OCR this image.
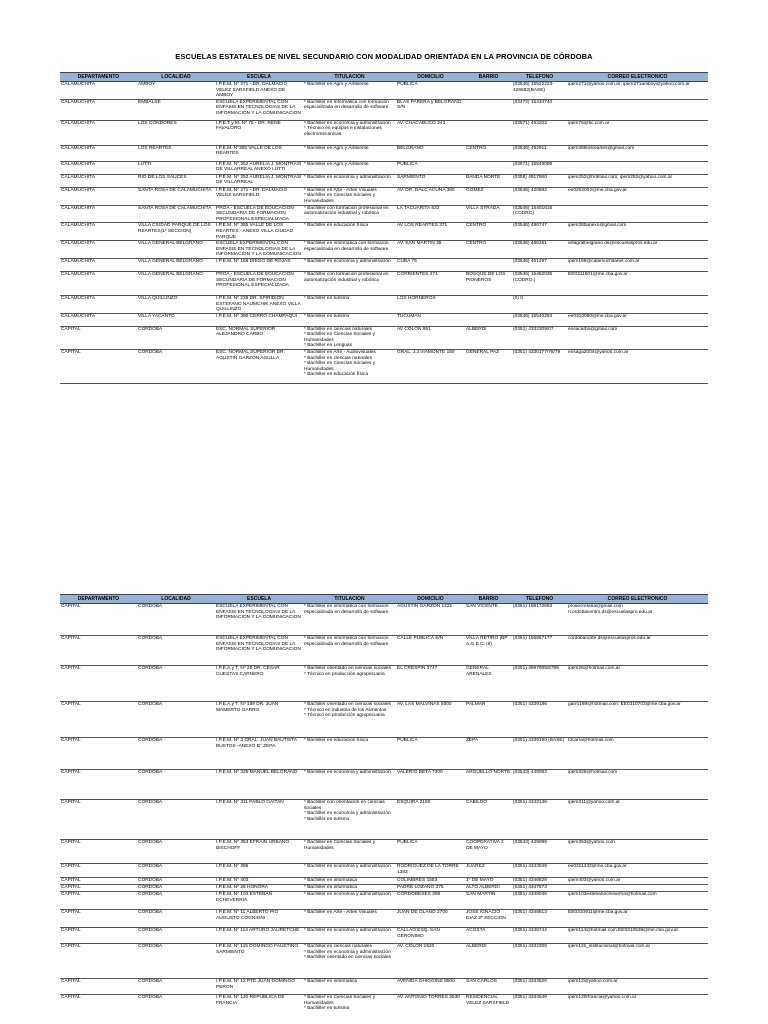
ESCUELAS ESTATALES DE NIVEL SECUNDARIO CON MODALIDAD ORIENTADA EN LA PROVINCIA DE CÓRDOBA
DEPARTAMENTO	LOCALIDAD	ESCUELA	TITULACION	DOMICILIO	BARRIO	TELEFONO	CORREO ELECTRONICO
CALAMUCHITA	AMBOY	I.P.E.M. Nº 271 - DR. DALMACIO VELEZ SARSFIELD ANEXO DE AMBOY	* Bachiller en Agro y Ambiente	PUBLICA		(03546) 15522223-426682(BASE)	ipem271@yahoo.com.ar; ipem271amboy@yahoo.com.ar
CALAMUCHITA	EMBALSE	ESCUELA EXPERIMENTAL CON ENFASIS EN TECNOLOGIAS DE LA INFORMACION Y LA COMUNICACION	* Bachiller en Informática con formación especializada en desarrollo de software	BLAS PARERA y BELGRANO S/N		(03472) 15434740	
CALAMUCHITA	LOS CONDORES	I.P.E.T y M. Nº 75 - DR. RENE FAVALORO	* Bachiller en economía y administración
* Técnico en equipos e instalaciones electromecánicas	AV. CHACABUCO 243		(03571) 493203	ipem75@tic.com.ar
CALAMUCHITA	LOS REARTES	I.P.E.M. Nº385 VALLE DE LOS REARTES	* Bachiller en Agro y Ambiente	BELGRANO	CENTRO	(03546) 492911	ipem385losreartes@gmail.com
CALAMUCHITA	LUTTI	I.P.E.M. Nº 252 AURELIA J. MONTRASI DE VILLARREAL ANEXO LUTTI	* Bachiller en Agro y Ambiente	PUBLICA		(03571) 15549089	
CALAMUCHITA	RIO DE LOS SAUCES	I.P.E.M. Nº 252 AURELIA J. MONTRASI DE VILLARREAL	* Bachiller en economía y administración	SARMIENTO	BANDA NORTE	(0358) 4917960	ipem252@hotmail.com; ipem252@yahoo.com.ar
CALAMUCHITA	SANTA ROSA DE CALAMUCHITA	I.P.E.M. Nº 271 - DR. DALMACIO VELEZ SARSFIELD	* Bachiller en Arte - Artes Visuales
* Bachiller en Ciencias Sociales y Humanidades	AV. DR. DALC ACUÑA 380	GOMEZ	(03546) 420682	ee0202002@me.cba.gov.ar
CALAMUCHITA	SANTA ROSA DE CALAMUCHITA	PROA - ESCUELA DE EDUCACION SECUNDARIA DE FORMACION PROFESIONAL ESPECIALIZADA	* Bachiller con formación profesional en automatización industrial y robótica	LA TACUARITA 532	VILLA STRADA	(03546) 15401616 (CODRO)	
CALAMUCHITA	VILLA CIUDAD PARQUE DE LOS REARTES(1º SECCION)	I.P.E.M. Nº 385 VALLE DE LOS REARTES - ANEXO VILLA CIUDAD PARQUE	* Bachiller en educación física	AV LOS REARTES 371	CENTRO	(03546) 486747	ipem385anexo@gmail.com
CALAMUCHITA	VILLA GENERAL BELGRANO	ESCUELA EXPERIMENTAL CON ENFASIS EN TECNOLOGIAS DE LA INFORMACION Y LA COMUNICACION	* Bachiller en informática con formación especializada en desarrollo de software	AV. SAN MARTIN 35	CENTRO	(03546) 466251	villagralbelgrano.ds@escuelaspros.edu.ar
CALAMUCHITA	VILLA GENERAL BELGRANO	I.P.E.M. Nº 168 DIEGO DE ROJAS	* Bachiller en economía y administración	CUBA 75		(03546) 461297	ipem168@calamuchitanet.com.ar
CALAMUCHITA	VILLA GENERAL BELGRANO	PROA - ESCUELA DE EDUCACION SECUNDARIA DE FORMACION PROFESIONAL ESPECIALIZADA	* Bachiller con formación profesional en automatización industrial y robótica	CORRIENTES 271	BOSQUE DE LOS PIONEROS	(03546) 15462035 (CODRO.)	EE0311501@me.cba.gov.ar
CALAMUCHITA	VILLA QUILLINZO	I.P.E.M. Nº 239 DR. SPIRIDION ESTEFANO NAUMCHIK ANEXO VILLA QUILLINZO	* Bachiller en turismo	LOS HORNEROS		(0) 0	
CALAMUCHITA	VILLA YACANTO	I.P.E.M. Nº 390 CERRO CHAMPAQUI	* Bachiller en turismo	TUCUMAN		(03546) 15540284	ee0310050@me.cba.gov.ar
CAPITAL	CORDOBA	ESC. NORMAL SUPERIOR ALEJANDRO CARBO	* Bachiller en ciencias naturales
* Bachiller en Ciencias Sociales y Humanidades
* Bachiller en Lenguas	AV COLON 951	ALBERDI	(0351) 4332309/07	ensacarbo@gmail.com
CAPITAL	CORDOBA	ESC. NORMAL SUPERIOR DR. AGUSTIN GARZON AGULLA	* Bachiller en Arte - Audiovisuales
* Bachiller en ciencias naturales
* Bachiller en Ciencias Sociales y Humanidades
* Bachiller en educación física	GRAL. J.J.VIAMONTE 150	GENERAL PAZ	(0351) 4330177/78/79	ensaga2004@yahoo.com.ar
DEPARTAMENTO	LOCALIDAD	ESCUELA	TITULACION	DOMICILIO	BARRIO	TELEFONO	CORREO ELECTRONICO
CAPITAL	CORDOBA	ESCUELA EXPERIMENTAL CON ENFASIS EN TECNOLOGIAS DE LA INFORMACION Y LA COMUNICACION	* Bachiller en informática con formación especializada en desarrollo de software	AGUSTIN GARZON 1221	SAN VICENTE	(0351) 158172663	prosecretaria@gmail.com
rcordobacentro.ds@escuelaspro.edu.ar
CAPITAL	CORDOBA	ESCUELA EXPERIMENTAL CON ENFASIS EN TECNOLOGIAS DE LA INFORMACION Y LA COMUNICACION	* Bachiller en informática con formación especializada en desarrollo de software	CALLE PUBLICA S/N	VILLA RETIRO (BP A.G.E.C. III)	(0351) 155867177	cordobanorte.ds@escuelaspros.edu.ar
CAPITAL	CORDOBA	I.P.E.A.y T. Nº 26 DR. CESAR CUESTAS CARNERO	* Bachiller orientado en ciencias sociales
* Técnico en producción agropecuaria	EL CRESPIN 3747	GENERAL ARENALES	(0351) 4997985/6799	ipem26@hotmail.com.ar
CAPITAL	CORDOBA	I.P.E.A.y T. Nº 189 DR. JUAN MAMERTO GARRO	* Bachiller orientado en ciencias sociales
* Técnico en industria de los Alimentos
* Técnico en producción agropecuaria	AV. LAS MALVINAS 5000	PALMAR	(0351) 4339186	garro189@hotmail.com; EE0310703@me.cba.gov.ar
CAPITAL	CORDOBA	I.P.E.M. Nº 3 GRAL. JUAN BAUTISTA BUSTOS -ANEXO B° ZEPA	* Bachiller en educación física	PUBLICA	ZEPA	(0351) 4339190 (BASE)	fdcarra@hotmail.com
CAPITAL	CORDOBA	I.P.E.M. Nº 325 MANUEL BELGRANO	* Bachiller en economía y administración	VALERIO BETA 7300	ARGUELLO NORTE	(03543) 449083	ipem325@hotmail.com
CAPITAL	CORDOBA	I.P.E.M. Nº 311 PABLO GAITAN	* Bachiller con orientación en ciencias sociales
* Bachiller en economía y administración
* Bachiller en turismo	ESQUIRA 2150	CABILDO	(0351) 4343136	ipem311@yahoo.com.ar
CAPITAL	CORDOBA	I.P.E.M. Nº 353 EFRAIN URBANO BISCHOFF	* Bachiller en Ciencias Sociales y Humanidades	PUBLICA	COOPERATIVA 2 DE MAYO	(03543) 449099	ipem353@yahoo.com
CAPITAL	CORDOBA	I.P.E.M. Nº 395	* Bachiller en economía y administración	RODRIGUEZ DE LA TORRE 1383	JUAREZ	(0351) 4343049	ee0311433@me.cba.gov.ar
CAPITAL	CORDOBA	I.P.E.M. Nº 403	* Bachiller en informática	COLIMBRES 1583	1º DE MAYO	(0351) 4346828	ipem403@yahoo.com.ar
CAPITAL	CORDOBA	I.P.E.M. Nº 28 HONORA	* Bachiller en informática	PADRE LOZANO 375	ALTO ALBERDI	(0351) 4347673	
CAPITAL	CORDOBA	I.P.E.M. Nº 103 ESTEBAN ECHEVERRIA	* Bachiller en economía y administración	CORDOBESES 398	SAN MARTIN	(0351) 4348046	ipem103estebanecheverria@hotmail.com
CAPITAL	CORDOBA	I.P.E.M. Nº 11 ALBERTO PIO AUGUSTO COGNIGNI	* Bachiller en Arte - Artes Visuales	JUAN DE OLANO 2700	JOSE IGNACIO DIAZ 3ª SECCION	(0351) 4348813	EE0310911@me.cba.gov.ar
CAPITAL	CORDOBA	I.P.E.M. Nº 114 ARTURO JAURETCHE	* Bachiller en economía y administración	CALLAO ESQ. SAN GERONIMO	ACOSTA	(0351) 4348744	ipem114@hotmail.com;EE0310538@me.cba.gov.ar
CAPITAL	CORDOBA	I.P.E.M. Nº 115 DOMINGO FAUSTINO SARMIENTO	* Bachiller en ciencias naturales
* Bachiller en economía y administración
* Bachiller orientado en ciencias sociales	AV. COLON 1520	ALBERDI	(0351) 4332308	ipem115_institucional@hotmail.com.ar
CAPITAL	CORDOBA	I.P.E.M. Nº 12 PTE.JUAN DOMINGO PERON	* Bachiller en informática	AVENIDA OHIGGINS 8500	SAN CARLOS	(0351) 4334526	ipem12@yahoo.com.ar
CAPITAL	CORDOBA	I.P.E.M. Nº 120 REPUBLICA DE FRANCIA	* Bachiller en Ciencias Sociales y Humanidades
* Bachiller en turismo	AV. ANTONIO TORRES 3530	RESIDENCIAL VELEZ SARSFIELD	(0351) 4334548	ipem120rfrancia@yahoo.com.ar
